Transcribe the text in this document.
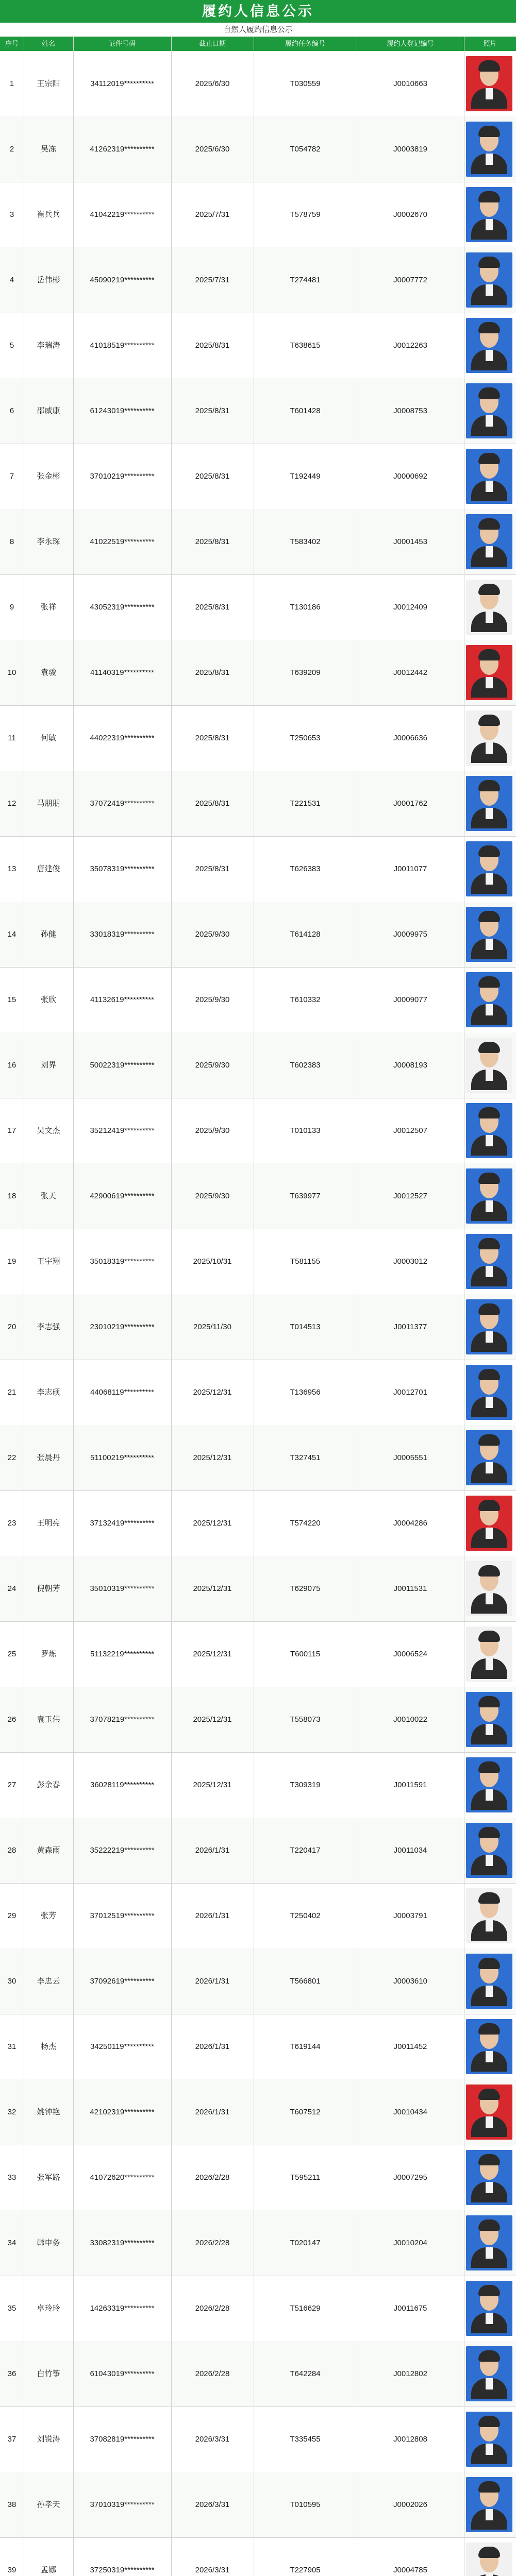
履约人信息公示
自然人履约信息公示
序号	姓名	证件号码	截止日期	履约任务编号	履约人登记编号	照片
1	王宗阳	34112019**********	2025/6/30	T030559	J0010663
2	吴冻	41262319**********	2025/6/30	T054782	J0003819
3	崔兵兵	41042219**********	2025/7/31	T578759	J0002670
4	岳伟彬	45090219**********	2025/7/31	T274481	J0007772
5	李瑞涛	41018519**********	2025/8/31	T638615	J0012263
6	邵威康	61243019**********	2025/8/31	T601428	J0008753
7	张金彬	37010219**********	2025/8/31	T192449	J0000692
8	李永琛	41022519**********	2025/8/31	T583402	J0001453
9	张祥	43052319**********	2025/8/31	T130186	J0012409
10	袁骏	41140319**********	2025/8/31	T639209	J0012442
11	何敏	44022319**********	2025/8/31	T250653	J0006636
12	马朋朋	37072419**********	2025/8/31	T221531	J0001762
13	唐建俊	35078319**********	2025/8/31	T626383	J0011077
14	孙健	33018319**********	2025/9/30	T614128	J0009975
15	张欣	41132619**********	2025/9/30	T610332	J0009077
16	刘界	50022319**********	2025/9/30	T602383	J0008193
17	吴文杰	35212419**********	2025/9/30	T010133	J0012507
18	张天	42900619**********	2025/9/30	T639977	J0012527
19	王宇翔	35018319**********	2025/10/31	T581155	J0003012
20	李志强	23010219**********	2025/11/30	T014513	J0011377
21	李志硕	44068119**********	2025/12/31	T136956	J0012701
22	张晨丹	51100219**********	2025/12/31	T327451	J0005551
23	王明亮	37132419**********	2025/12/31	T574220	J0004286
24	倪朝芳	35010319**********	2025/12/31	T629075	J0011531
25	罗炼	51132219**********	2025/12/31	T600115	J0006524
26	袁玉伟	37078219**********	2025/12/31	T558073	J0010022
27	彭余春	36028119**********	2025/12/31	T309319	J0011591
28	黄森雨	35222219**********	2026/1/31	T220417	J0011034
29	张芳	37012519**********	2026/1/31	T250402	J0003791
30	李忠云	37092619**********	2026/1/31	T566801	J0003610
31	杨杰	34250119**********	2026/1/31	T619144	J0011452
32	姚钟艳	42102319**********	2026/1/31	T607512	J0010434
33	张军路	41072620**********	2026/2/28	T595211	J0007295
34	韩申务	33082319**********	2026/2/28	T020147	J0010204
35	卓玲玲	14263319**********	2026/2/28	T516629	J0011675
36	白竹筝	61043019**********	2026/2/28	T642284	J0012802
37	刘锐涛	37082819**********	2026/3/31	T335455	J0012808
38	孙孝天	37010319**********	2026/3/31	T010595	J0002026
39	孟娜	37250319**********	2026/3/31	T227905	J0004785
